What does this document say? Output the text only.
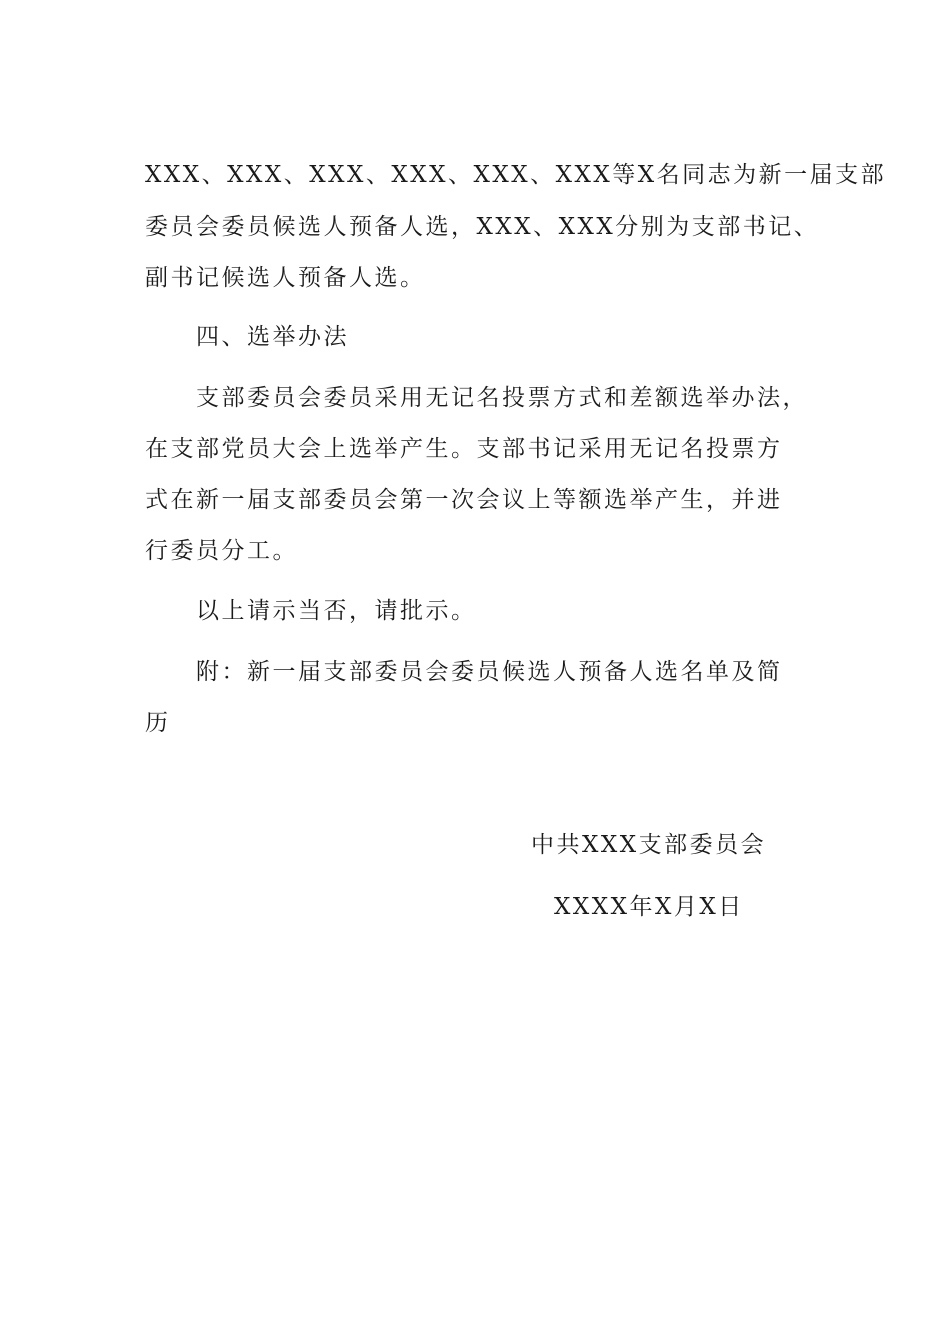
XXX、XXX、XXX、XXX、XXX、XXX等X名同志为新一届支部
委员会委员候选人预备人选，XXX、XXX分别为支部书记、
副书记候选人预备人选。
四、选举办法
支部委员会委员采用无记名投票方式和差额选举办法，
在支部党员大会上选举产生。支部书记采用无记名投票方
式在新一届支部委员会第一次会议上等额选举产生，并进
行委员分工。
以上请示当否，请批示。
附：新一届支部委员会委员候选人预备人选名单及简
历
中共XXX支部委员会
XXXX年X月X日
